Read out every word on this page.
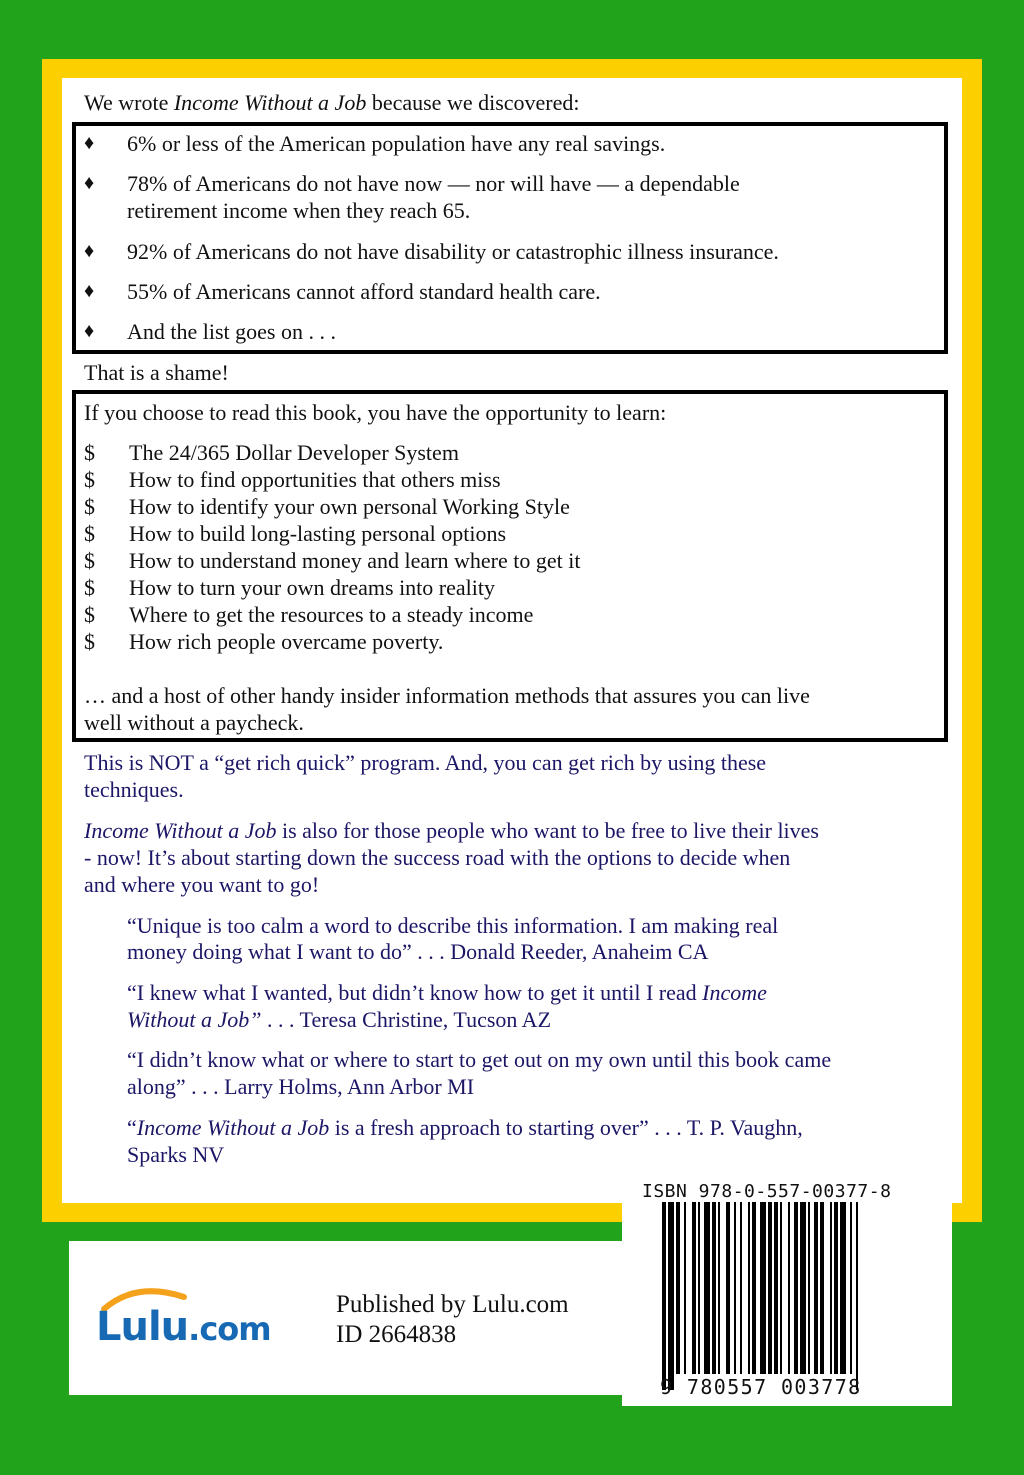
We wrote Income Without a Job because we discovered:
♦ 6% or less of the American population have any real savings.
♦ 78% of Americans do not have now — nor will have — a dependable
retirement income when they reach 65.
♦ 92% of Americans do not have disability or catastrophic illness insurance.
♦ 55% of Americans cannot afford standard health care.
♦ And the list goes on . . .
That is a shame!
If you choose to read this book, you have the opportunity to learn:
$ The 24/365 Dollar Developer System
$ How to find opportunities that others miss
$ How to identify your own personal Working Style
$ How to build long-lasting personal options
$ How to understand money and learn where to get it
$ How to turn your own dreams into reality
$ Where to get the resources to a steady income
$ How rich people overcame poverty.
… and a host of other handy insider information methods that assures you can live
well without a paycheck.
This is NOT a “get rich quick” program. And, you can get rich by using these
techniques.
Income Without a Job is also for those people who want to be free to live their lives
- now! It’s about starting down the success road with the options to decide when
and where you want to go!
“Unique is too calm a word to describe this information. I am making real
money doing what I want to do” . . . Donald Reeder, Anaheim CA
“I knew what I wanted, but didn’t know how to get it until I read Income
Without a Job” . . . Teresa Christine, Tucson AZ
“I didn’t know what or where to start to get out on my own until this book came
along” . . . Larry Holms, Ann Arbor MI
“Income Without a Job is a fresh approach to starting over” . . . T. P. Vaughn,
Sparks NV
Lulu.com
Published by Lulu.com
ID 2664838
ISBN 978-0-557-00377-8
9 780557 003778
